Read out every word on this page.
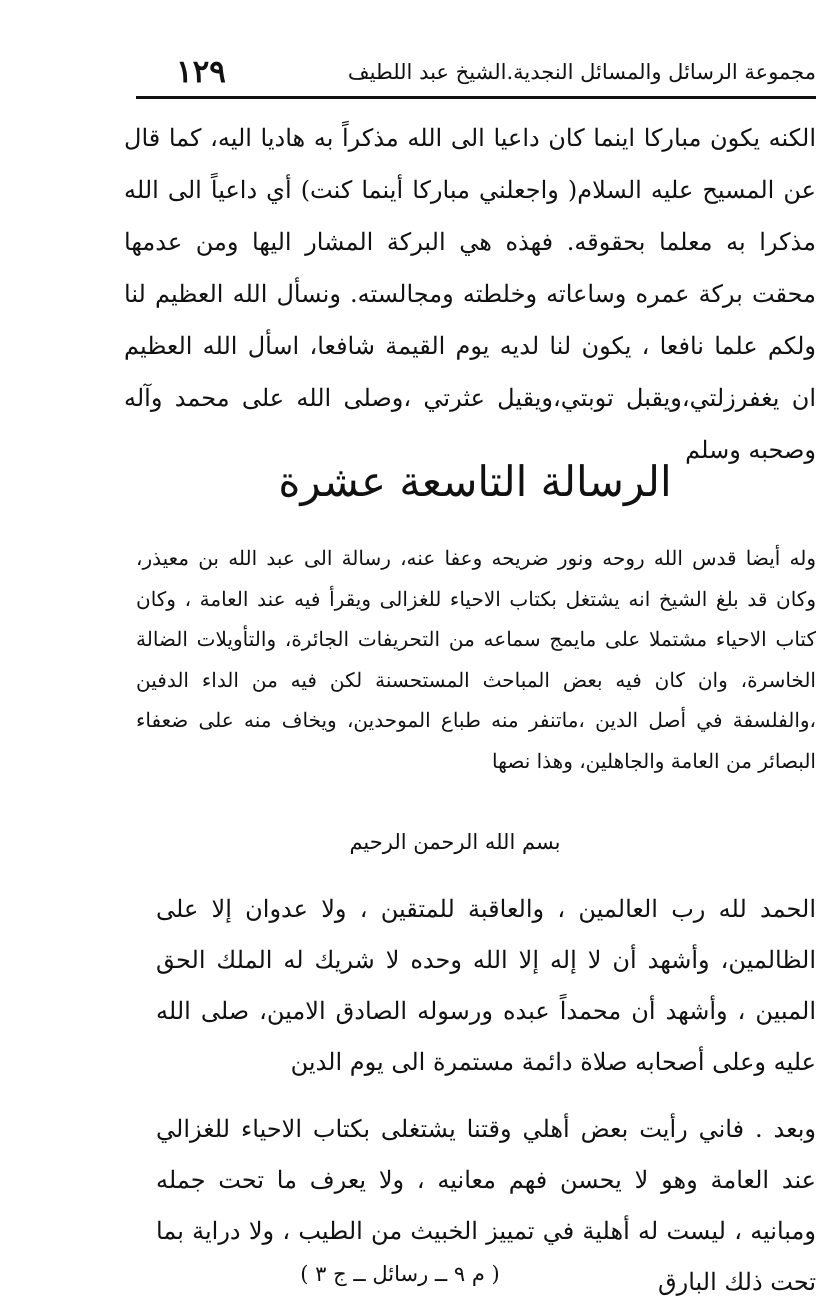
مجموعة الرسائل والمسائل النجدية.الشيخ عبد اللطيف
١٢٩

الكنه يكون مباركا اينما كان داعيا الى الله مذكراً به هاديا اليه، كما قال عن المسيح عليه السلام( واجعلني مباركا أينما كنت) أي داعياً الى الله مذكرا به معلما بحقوقه. فهذه هي البركة المشار اليها ومن عدمها محقت بركة عمره وساعاته وخلطته ومجالسته. ونسأل الله العظيم لنا ولكم علما نافعا ، يكون لنا لديه يوم القيمة شافعا، اسأل الله العظيم ان يغفرزلتي،ويقبل توبتي،ويقيل عثرتي ،وصلى الله على محمد وآله وصحبه وسلم

الرسالة التاسعة عشرة

وله أيضا قدس الله روحه ونور ضريحه وعفا عنه، رسالة الى عبد الله بن معيذر، وكان قد بلغ الشيخ انه يشتغل بكتاب الاحياء للغزالى ويقرأ فيه عند العامة ، وكان كتاب الاحياء مشتملا على مايمج سماعه من التحريفات الجائرة، والتأويلات الضالة الخاسرة، وان كان فيه بعض المباحث المستحسنة لكن فيه من الداء الدفين ،والفلسفة في أصل الدين ،ماتنفر منه طباع الموحدين، ويخاف منه على ضعفاء البصائر من العامة والجاهلين، وهذا نصها

بسم الله الرحمن الرحيم

الحمد لله رب العالمين ، والعاقبة للمتقين ، ولا عدوان إلا على الظالمين، وأشهد أن لا إله إلا الله وحده لا شريك له الملك الحق المبين ، وأشهد أن محمداً عبده ورسوله الصادق الامين، صلى الله عليه وعلى أصحابه صلاة دائمة مستمرة الى يوم الدين

وبعد . فاني رأيت بعض أهلي وقتنا يشتغلى بكتاب الاحياء للغزالي عند العامة وهو لا يحسن فهم معانيه ، ولا يعرف ما تحت جمله ومبانيه ، ليست له أهلية في تمييز الخبيث من الطيب ، ولا دراية بما تحت ذلك البارق

( م ٩ ــ رسائل ــ ج ٣ )
